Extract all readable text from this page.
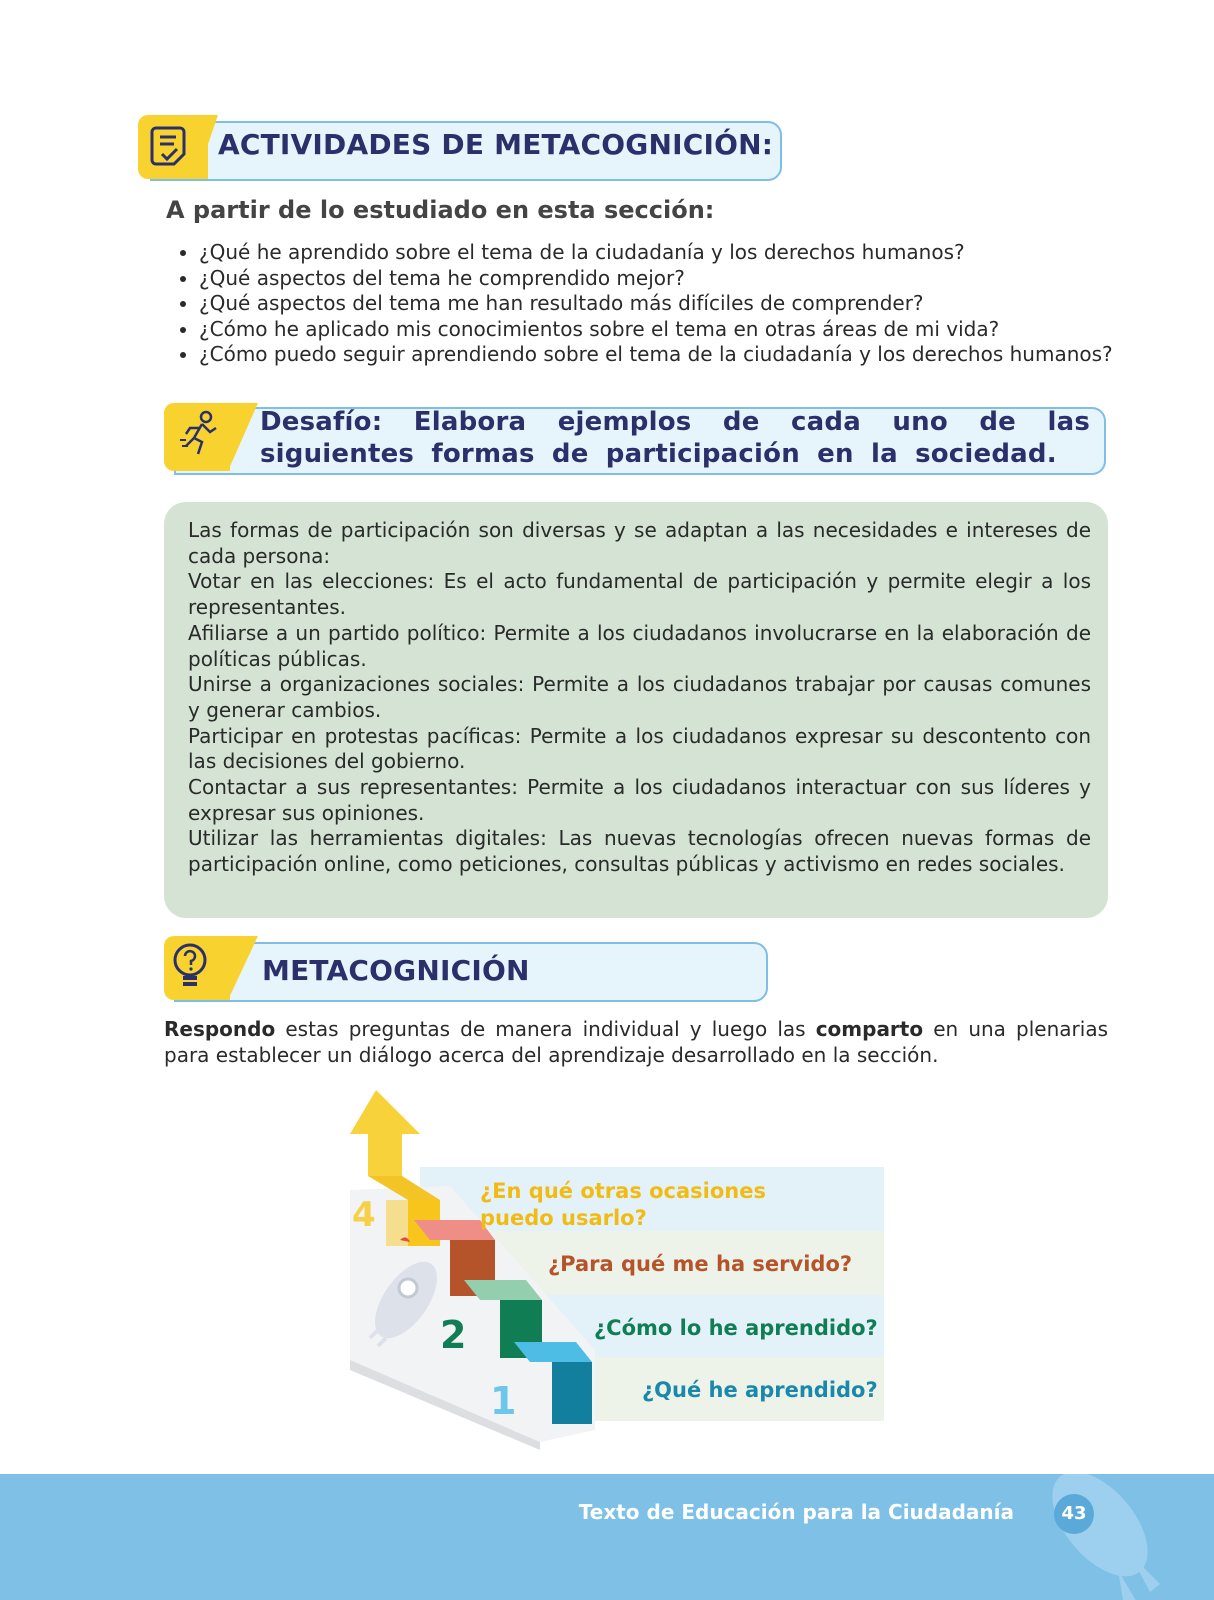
ACTIVIDADES DE METACOGNICIÓN:
A partir de lo estudiado en esta sección:
• ¿Qué he aprendido sobre el tema de la ciudadanía y los derechos humanos?
• ¿Qué aspectos del tema he comprendido mejor?
• ¿Qué aspectos del tema me han resultado más difíciles de comprender?
• ¿Cómo he aplicado mis conocimientos sobre el tema en otras áreas de mi vida?
• ¿Cómo puedo seguir aprendiendo sobre el tema de la ciudadanía y los derechos humanos?
Desafío: Elabora ejemplos de cada uno de las siguientes formas de participación en la sociedad.

Las formas de participación son diversas y se adaptan a las necesidades e intereses de cada persona:

Votar en las elecciones: Es el acto fundamental de participación y permite elegir a los representantes.

Afiliarse a un partido político: Permite a los ciudadanos involucrarse en la elaboración de políticas públicas.

Unirse a organizaciones sociales: Permite a los ciudadanos trabajar por causas comunes y generar cambios.

Participar en protestas pacíficas: Permite a los ciudadanos expresar su descontento con las decisiones del gobierno.

Contactar a sus representantes: Permite a los ciudadanos interactuar con sus líderes y expresar sus opiniones.

Utilizar las herramientas digitales: Las nuevas tecnologías ofrecen nuevas formas de participación online, como peticiones, consultas públicas y activismo en redes sociales.

METACOGNICIÓN
Respondo estas preguntas de manera individual y luego las comparto en una plenarias para establecer un diálogo acerca del aprendizaje desarrollado en la sección.
4
2
1
¿En qué otras ocasiones puedo usarlo?
¿Para qué me ha servido?
¿Cómo lo he aprendido?
¿Qué he aprendido?
Texto de Educación para la Ciudadanía	43
